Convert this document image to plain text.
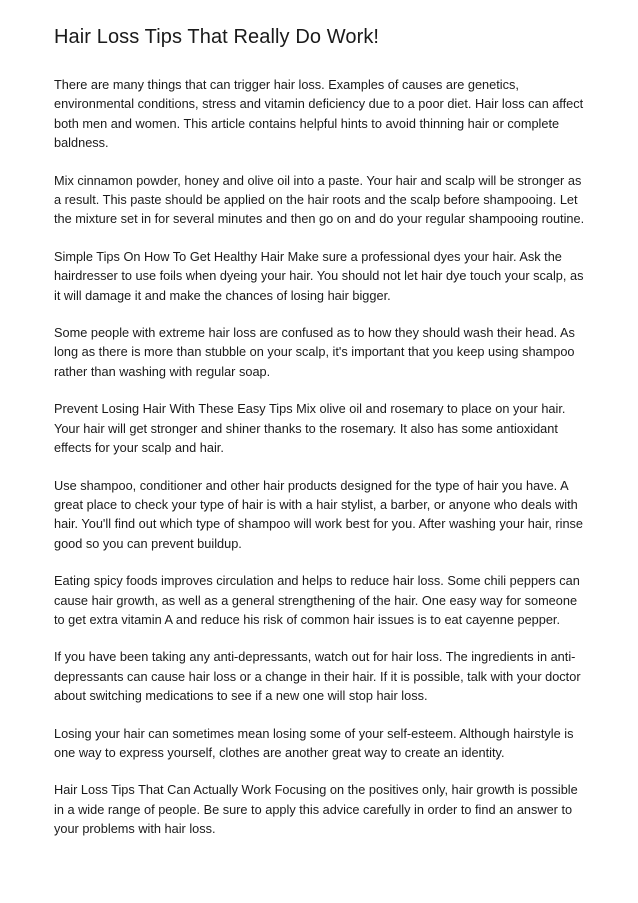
Hair Loss Tips That Really Do Work!

There are many things that can trigger hair loss. Examples of causes are genetics, environmental conditions, stress and vitamin deficiency due to a poor diet. Hair loss can affect both men and women. This article contains helpful hints to avoid thinning hair or complete baldness.

Mix cinnamon powder, honey and olive oil into a paste. Your hair and scalp will be stronger as a result. This paste should be applied on the hair roots and the scalp before shampooing. Let the mixture set in for several minutes and then go on and do your regular shampooing routine.

Simple Tips On How To Get Healthy Hair Make sure a professional dyes your hair. Ask the hairdresser to use foils when dyeing your hair. You should not let hair dye touch your scalp, as it will damage it and make the chances of losing hair bigger.

Some people with extreme hair loss are confused as to how they should wash their head. As long as there is more than stubble on your scalp, it's important that you keep using shampoo rather than washing with regular soap.

Prevent Losing Hair With These Easy Tips Mix olive oil and rosemary to place on your hair. Your hair will get stronger and shiner thanks to the rosemary. It also has some antioxidant effects for your scalp and hair.

Use shampoo, conditioner and other hair products designed for the type of hair you have. A great place to check your type of hair is with a hair stylist, a barber, or anyone who deals with hair. You'll find out which type of shampoo will work best for you. After washing your hair, rinse good so you can prevent buildup.

Eating spicy foods improves circulation and helps to reduce hair loss. Some chili peppers can cause hair growth, as well as a general strengthening of the hair. One easy way for someone to get extra vitamin A and reduce his risk of common hair issues is to eat cayenne pepper.

If you have been taking any anti-depressants, watch out for hair loss. The ingredients in anti-depressants can cause hair loss or a change in their hair. If it is possible, talk with your doctor about switching medications to see if a new one will stop hair loss.

Losing your hair can sometimes mean losing some of your self-esteem. Although hairstyle is one way to express yourself, clothes are another great way to create an identity.

Hair Loss Tips That Can Actually Work Focusing on the positives only, hair growth is possible in a wide range of people. Be sure to apply this advice carefully in order to find an answer to your problems with hair loss.
